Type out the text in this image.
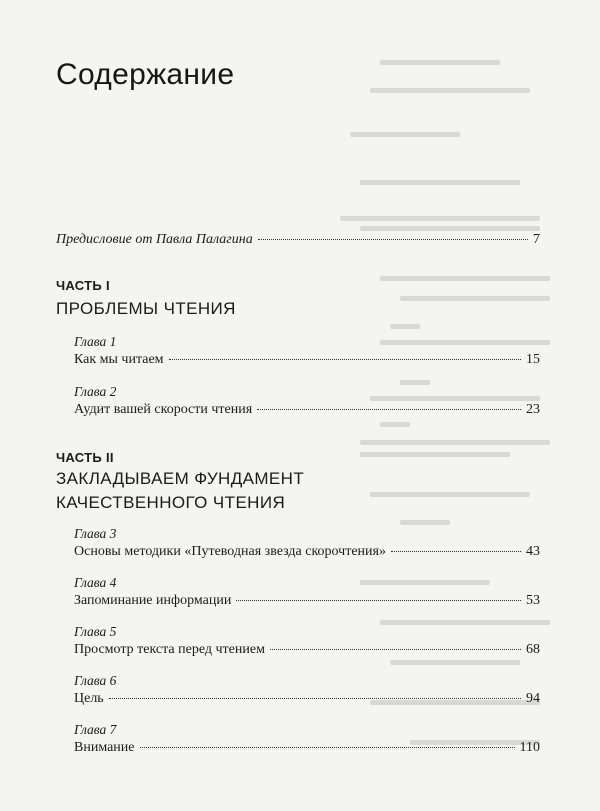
Содержание
Предисловие от Павла Палагина	7
ЧАСТЬ I
ПРОБЛЕМЫ ЧТЕНИЯ
Глава 1
Как мы читаем	15
Глава 2
Аудит вашей скорости чтения	23
ЧАСТЬ II
ЗАКЛАДЫВАЕМ ФУНДАМЕНТ
КАЧЕСТВЕННОГО ЧТЕНИЯ
Глава 3
Основы методики «Путеводная звезда скорочтения»	43
Глава 4
Запоминание информации	53
Глава 5
Просмотр текста перед чтением	68
Глава 6
Цель	94
Глава 7
Внимание	110
